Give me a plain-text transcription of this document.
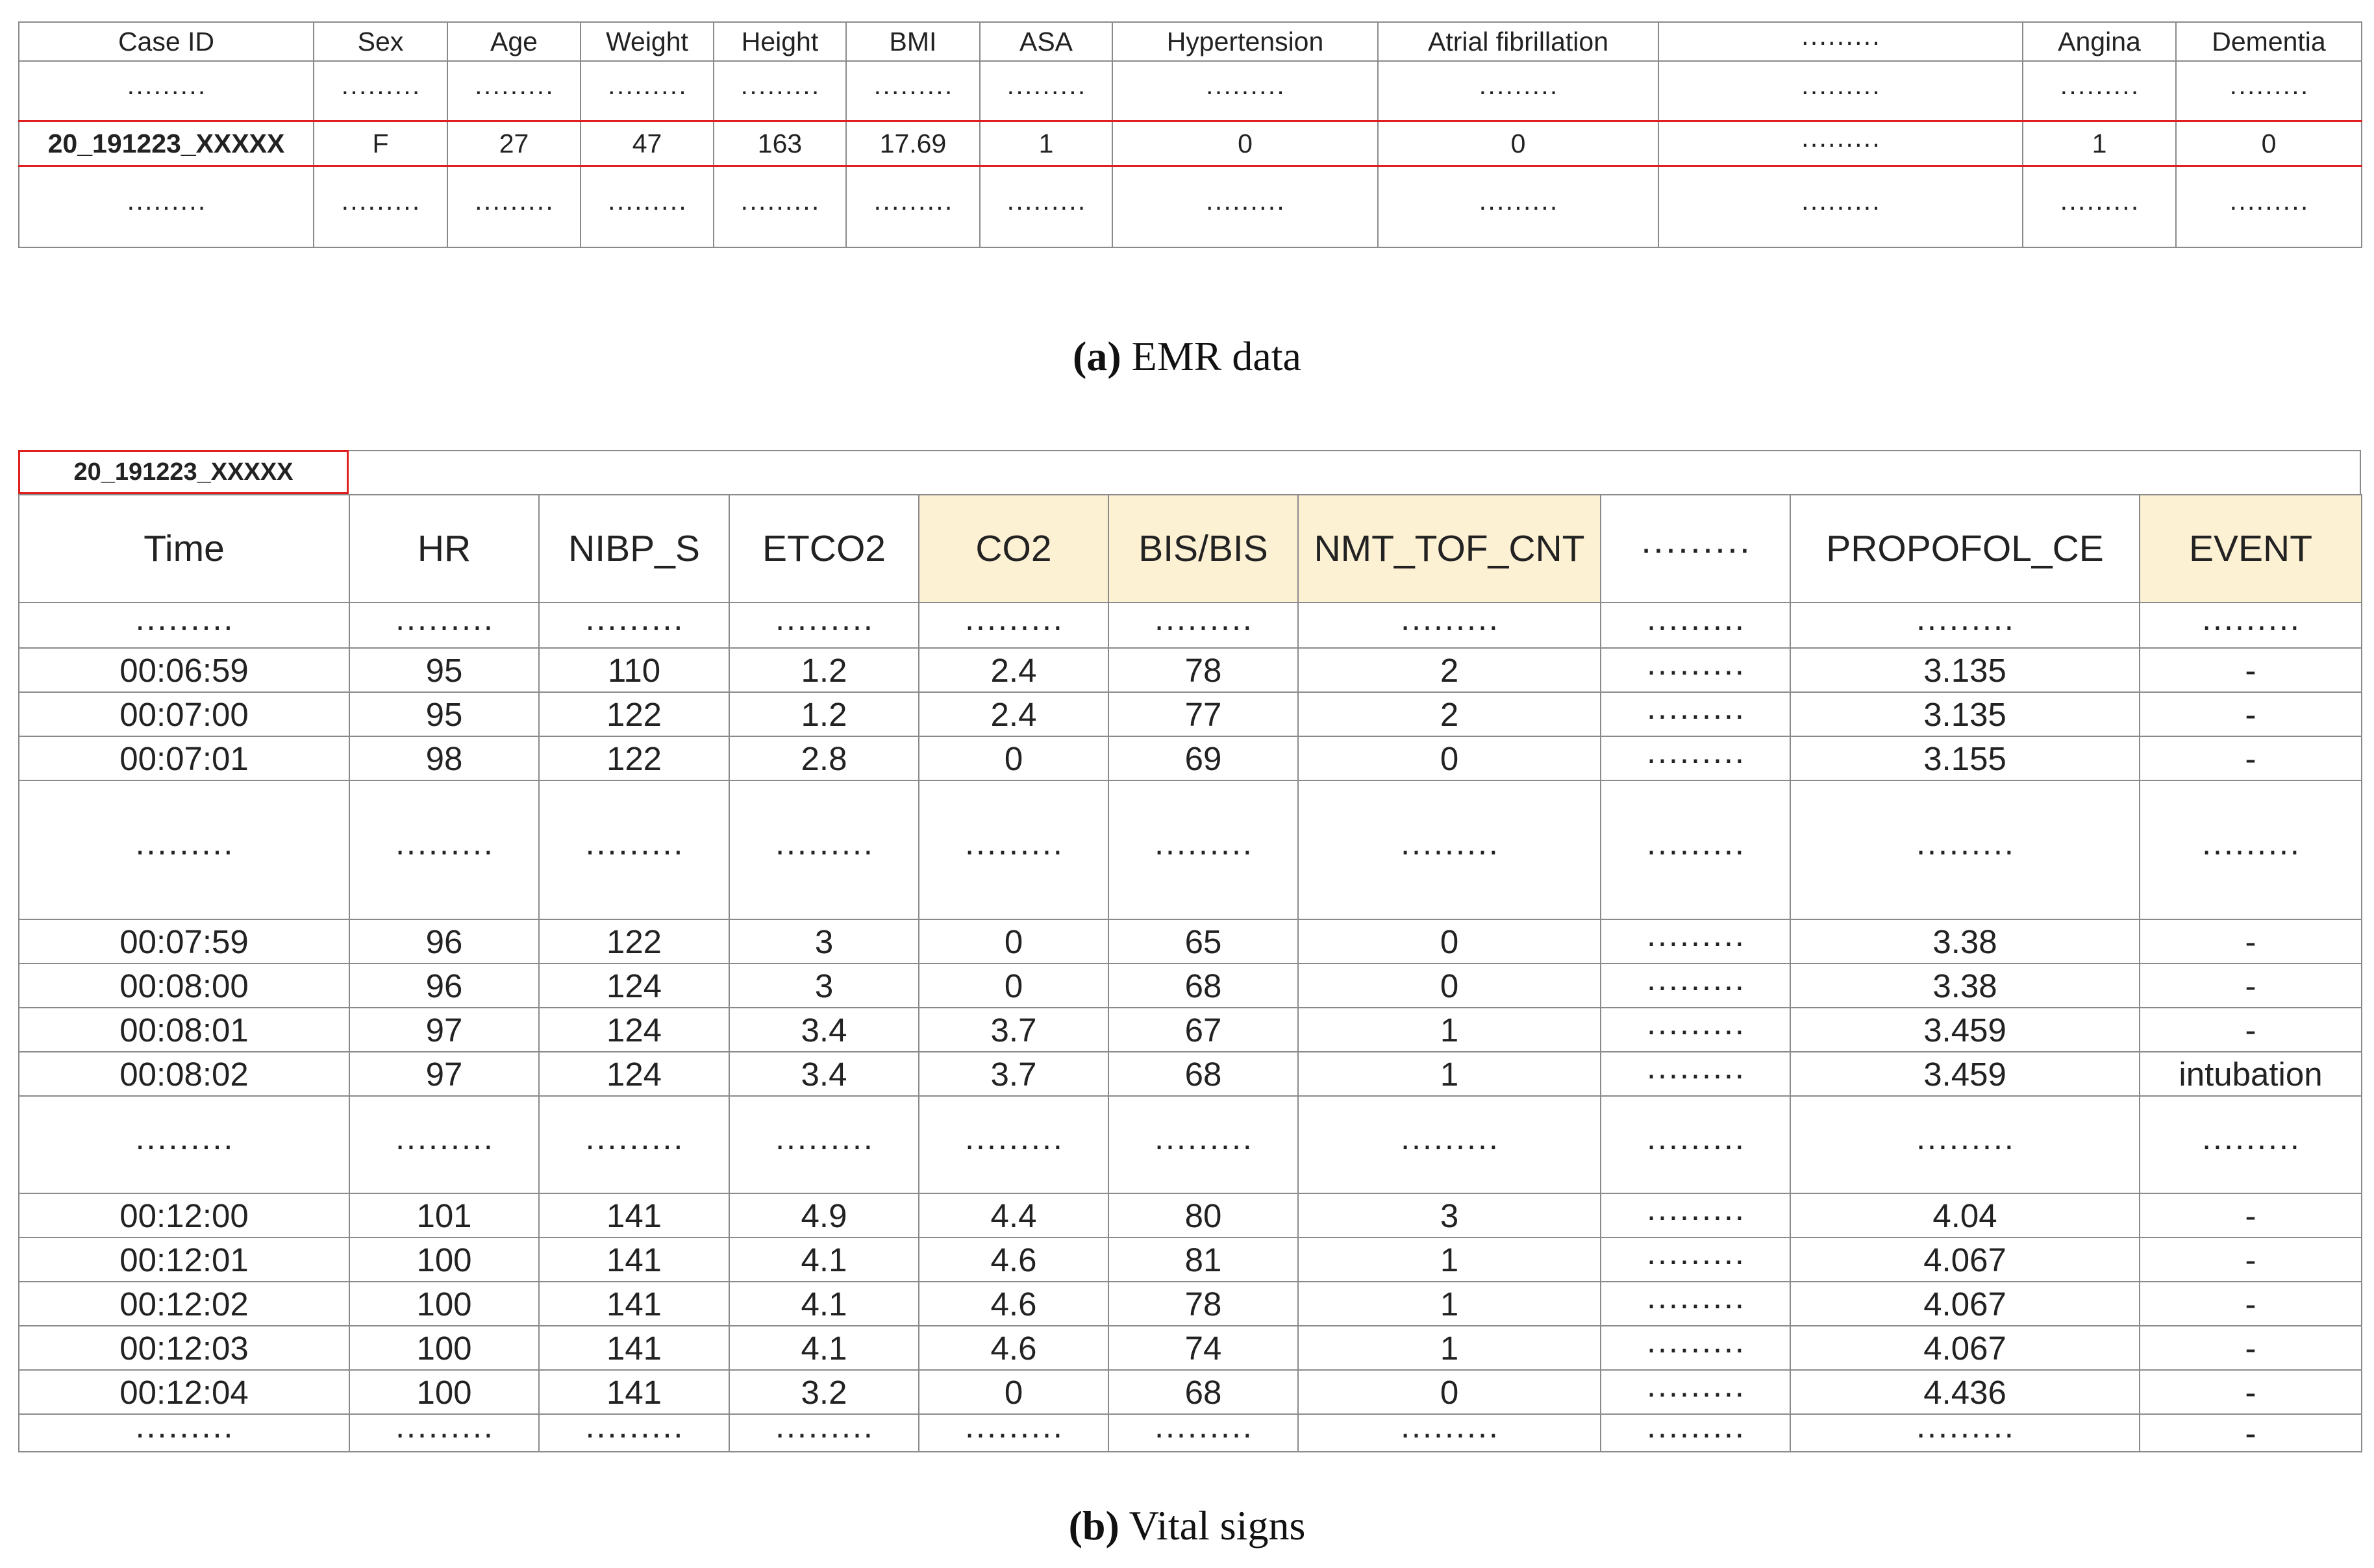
Case ID	Sex	Age	Weight	Height	BMI	ASA	Hypertension	Atrial fibrillation	·········	Angina	Dementia
·········	·········	·········	·········	·········	·········	·········	·········	·········	·········	·········	·········
20_191223_XXXXX	F	27	47	163	17.69	1	0	0	·········	1	0
·········	·········	·········	·········	·········	·········	·········	·········	·········	·········	·········	·········
(a) EMR data
20_191223_XXXXX
Time	HR	NIBP_S	ETCO2	CO2	BIS/BIS	NMT_TOF_CNT	·········	PROPOFOL_CE	EVENT
·········	·········	·········	·········	·········	·········	·········	·········	·········	·········
00:06:59	95	110	1.2	2.4	78	2	·········	3.135	-
00:07:00	95	122	1.2	2.4	77	2	·········	3.135	-
00:07:01	98	122	2.8	0	69	0	·········	3.155	-
·········	·········	·········	·········	·········	·········	·········	·········	·········	·········
00:07:59	96	122	3	0	65	0	·········	3.38	-
00:08:00	96	124	3	0	68	0	·········	3.38	-
00:08:01	97	124	3.4	3.7	67	1	·········	3.459	-
00:08:02	97	124	3.4	3.7	68	1	·········	3.459	intubation
·········	·········	·········	·········	·········	·········	·········	·········	·········	·········
00:12:00	101	141	4.9	4.4	80	3	·········	4.04	-
00:12:01	100	141	4.1	4.6	81	1	·········	4.067	-
00:12:02	100	141	4.1	4.6	78	1	·········	4.067	-
00:12:03	100	141	4.1	4.6	74	1	·········	4.067	-
00:12:04	100	141	3.2	0	68	0	·········	4.436	-
·········	·········	·········	·········	·········	·········	·········	·········	·········	-
(b) Vital signs
